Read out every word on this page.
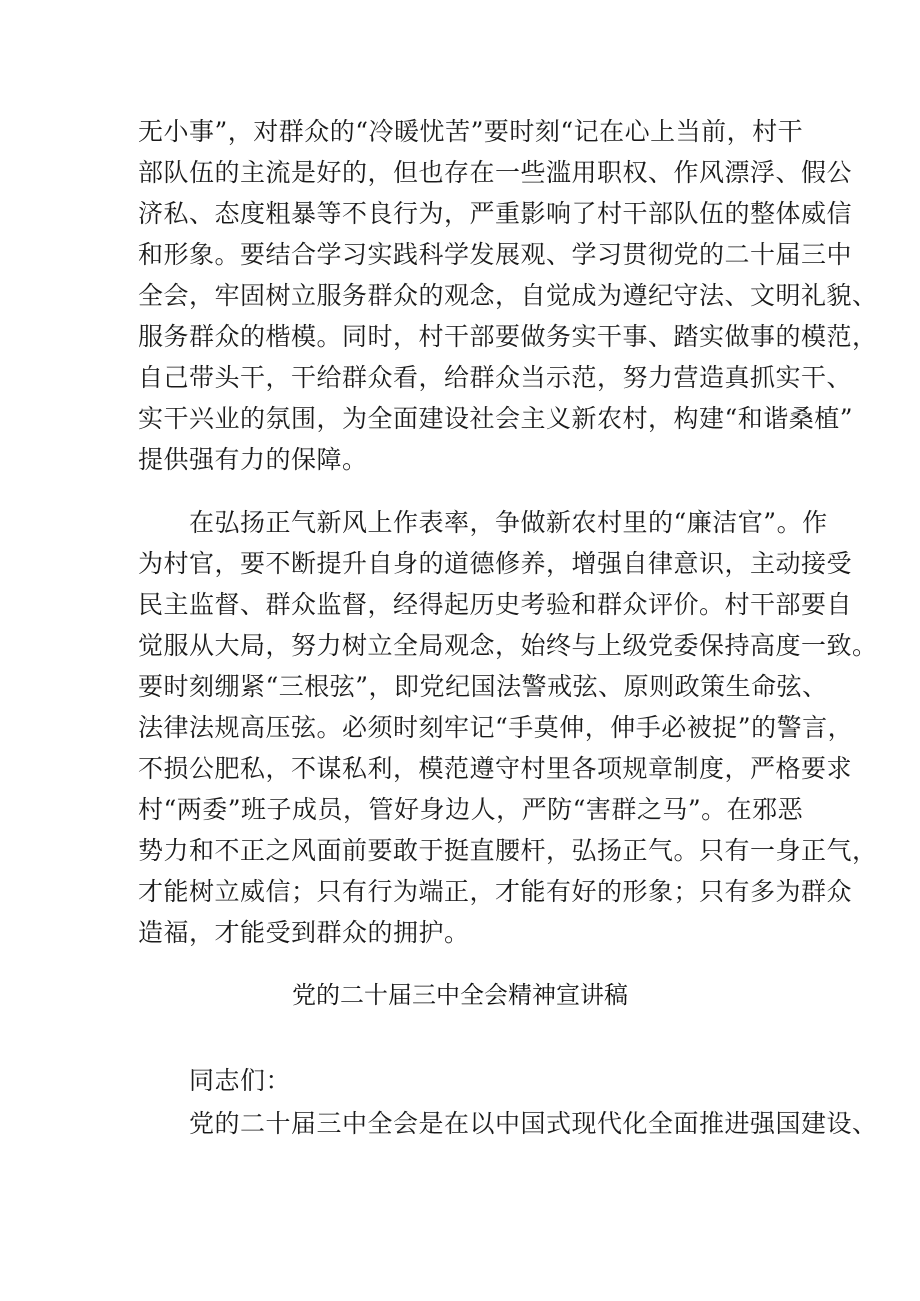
无小事”，对群众的“冷暖忧苦”要时刻“记在心上当前，村干
部队伍的主流是好的，但也存在一些滥用职权、作风漂浮、假公
济私、态度粗暴等不良行为，严重影响了村干部队伍的整体威信
和形象。要结合学习实践科学发展观、学习贯彻党的二十届三中
全会，牢固树立服务群众的观念，自觉成为遵纪守法、文明礼貌、
服务群众的楷模。同时，村干部要做务实干事、踏实做事的模范，
自己带头干，干给群众看，给群众当示范，努力营造真抓实干、
实干兴业的氛围，为全面建设社会主义新农村，构建“和谐桑植”
提供强有力的保障。
　　在弘扬正气新风上作表率，争做新农村里的“廉洁官”。作
为村官，要不断提升自身的道德修养，增强自律意识，主动接受
民主监督、群众监督，经得起历史考验和群众评价。村干部要自
觉服从大局，努力树立全局观念，始终与上级党委保持高度一致。
要时刻绷紧“三根弦”，即党纪国法警戒弦、原则政策生命弦、
法律法规高压弦。必须时刻牢记“手莫伸，伸手必被捉”的警言，
不损公肥私，不谋私利，模范遵守村里各项规章制度，严格要求
村“两委”班子成员，管好身边人，严防“害群之马”。在邪恶
势力和不正之风面前要敢于挺直腰杆，弘扬正气。只有一身正气，
才能树立威信；只有行为端正，才能有好的形象；只有多为群众
造福，才能受到群众的拥护。
党的二十届三中全会精神宣讲稿
　　同志们：
　　党的二十届三中全会是在以中国式现代化全面推进强国建设、
